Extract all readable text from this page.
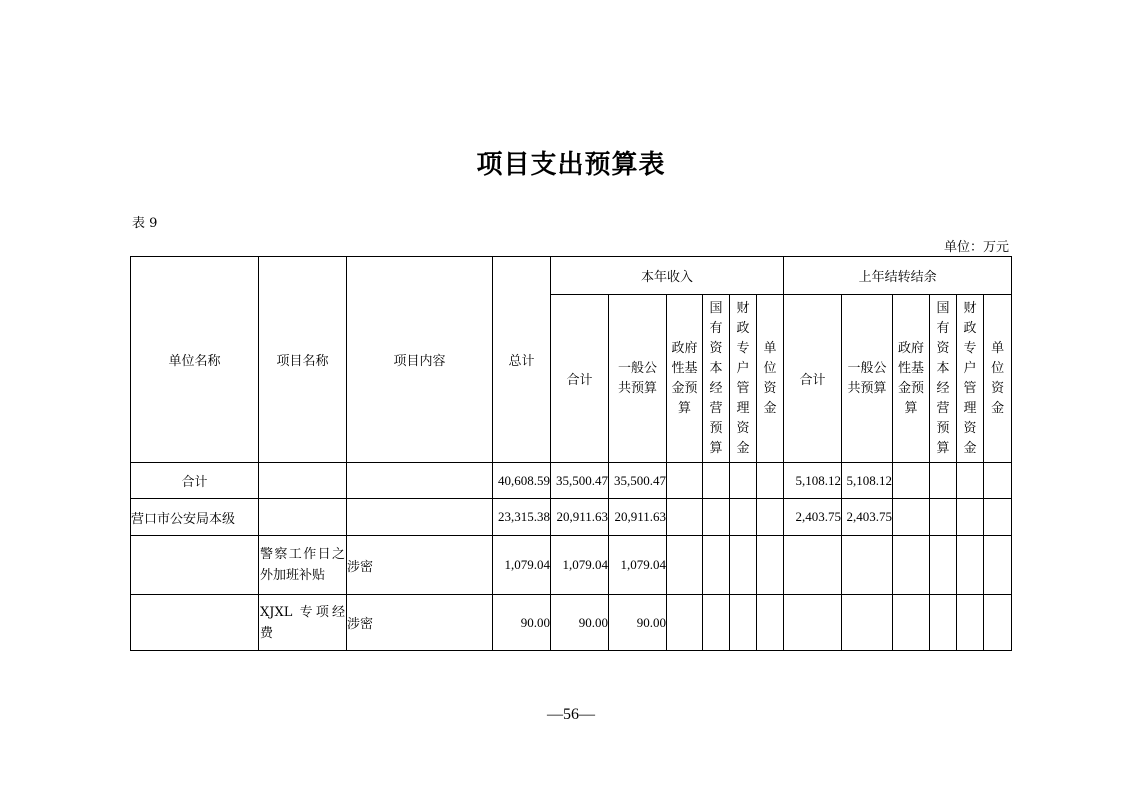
项目支出预算表
表 9
单位：万元
单位名称	项目名称	项目内容	总计	本年收入						上年结转结余					
				合计	一般公共预算	政府性基金预算	国有资本经营预算	财政专户管理资金	单位资金	合计	一般公共预算	政府性基金预算	国有资本经营预算	财政专户管理资金	单位资金

合计			40,608.59	35,500.47	35,500.47					5,108.12	5,108.12				
营口市公安局本级			23,315.38	20,911.63	20,911.63					2,403.75	2,403.75				

	警察工作日之外加班补贴	涉密	1,079.04	1,079.04	1,079.04										

	XJXL 专项经费	涉密	90.00	90.00	90.00										
—56—
